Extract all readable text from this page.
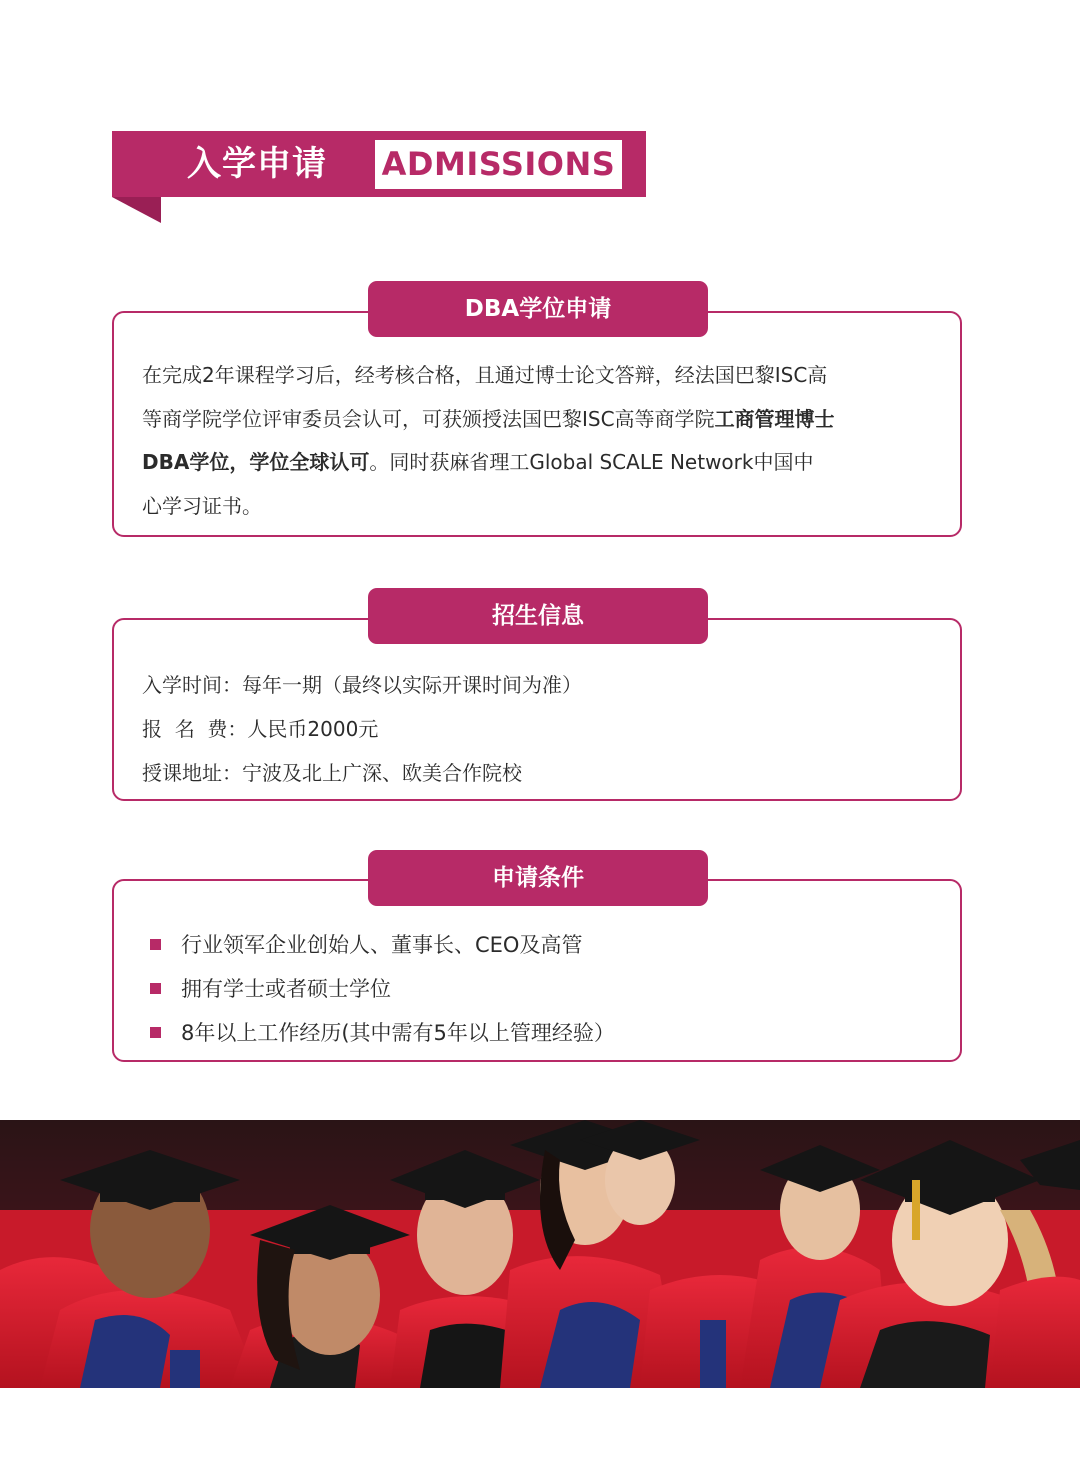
入学申请 ADMISSIONS
DBA学位申请
在完成2年课程学习后，经考核合格，且通过博士论文答辩，经法国巴黎ISC高
等商学院学位评审委员会认可，可获颁授法国巴黎ISC高等商学院工商管理博士
DBA学位，学位全球认可。同时获麻省理工Global SCALE Network中国中
心学习证书。
招生信息
入学时间：每年一期（最终以实际开课时间为准）
报  名  费：人民币2000元
授课地址：宁波及北上广深、欧美合作院校
申请条件
行业领军企业创始人、董事长、CEO及高管
拥有学士或者硕士学位
8年以上工作经历(其中需有5年以上管理经验）
